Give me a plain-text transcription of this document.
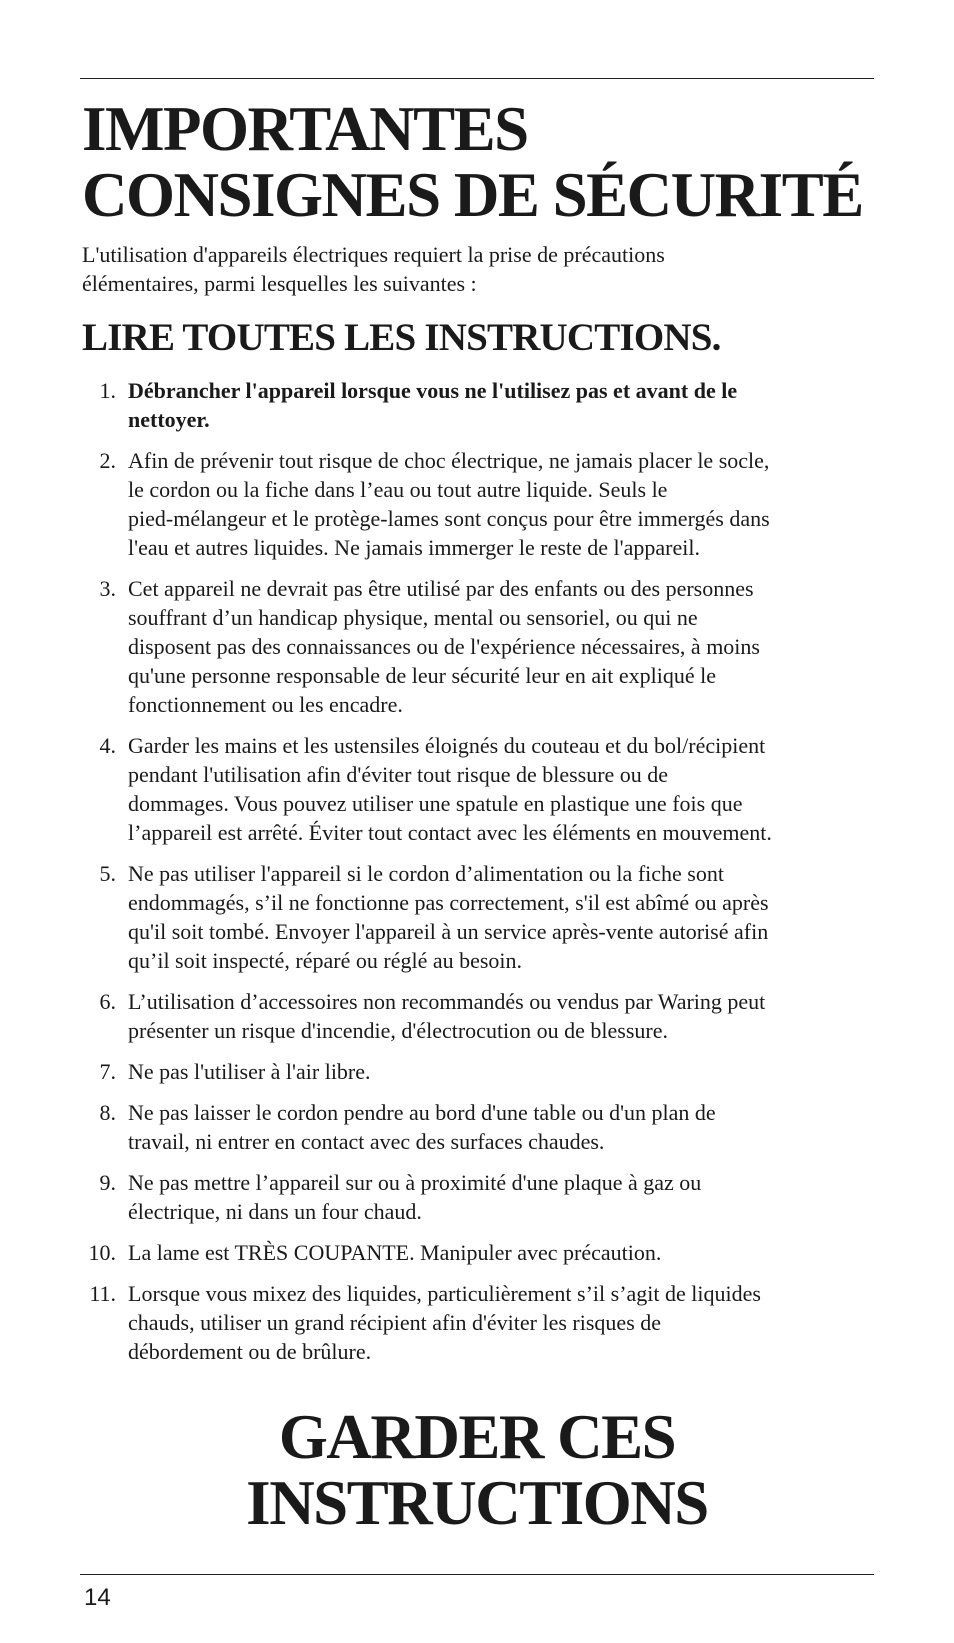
IMPORTANTES
CONSIGNES DE SÉCURITÉ

L'utilisation d'appareils électriques requiert la prise de précautions
élémentaires, parmi lesquelles les suivantes :

LIRE TOUTES LES INSTRUCTIONS.
1. Débrancher l'appareil lorsque vous ne l'utilisez pas et avant de le
nettoyer.
2. Afin de prévenir tout risque de choc électrique, ne jamais placer le socle,
le cordon ou la fiche dans l’eau ou tout autre liquide. Seuls le
pied-mélangeur et le protège-lames sont conçus pour être immergés dans
l'eau et autres liquides. Ne jamais immerger le reste de l'appareil.
3. Cet appareil ne devrait pas être utilisé par des enfants ou des personnes
souffrant d’un handicap physique, mental ou sensoriel, ou qui ne
disposent pas des connaissances ou de l'expérience nécessaires, à moins
qu'une personne responsable de leur sécurité leur en ait expliqué le
fonctionnement ou les encadre.
4. Garder les mains et les ustensiles éloignés du couteau et du bol/récipient
pendant l'utilisation afin d'éviter tout risque de blessure ou de
dommages. Vous pouvez utiliser une spatule en plastique une fois que
l’appareil est arrêté. Éviter tout contact avec les éléments en mouvement.
5. Ne pas utiliser l'appareil si le cordon d’alimentation ou la fiche sont
endommagés, s’il ne fonctionne pas correctement, s'il est abîmé ou après
qu'il soit tombé. Envoyer l'appareil à un service après-vente autorisé afin
qu’il soit inspecté, réparé ou réglé au besoin.
6. L’utilisation d’accessoires non recommandés ou vendus par Waring peut
présenter un risque d'incendie, d'électrocution ou de blessure.
7. Ne pas l'utiliser à l'air libre.
8. Ne pas laisser le cordon pendre au bord d'une table ou d'un plan de
travail, ni entrer en contact avec des surfaces chaudes.
9. Ne pas mettre l’appareil sur ou à proximité d'une plaque à gaz ou
électrique, ni dans un four chaud.
10. La lame est TRÈS COUPANTE. Manipuler avec précaution.
11. Lorsque vous mixez des liquides, particulièrement s’il s’agit de liquides
chauds, utiliser un grand récipient afin d'éviter les risques de
débordement ou de brûlure.
GARDER CES
INSTRUCTIONS
14
